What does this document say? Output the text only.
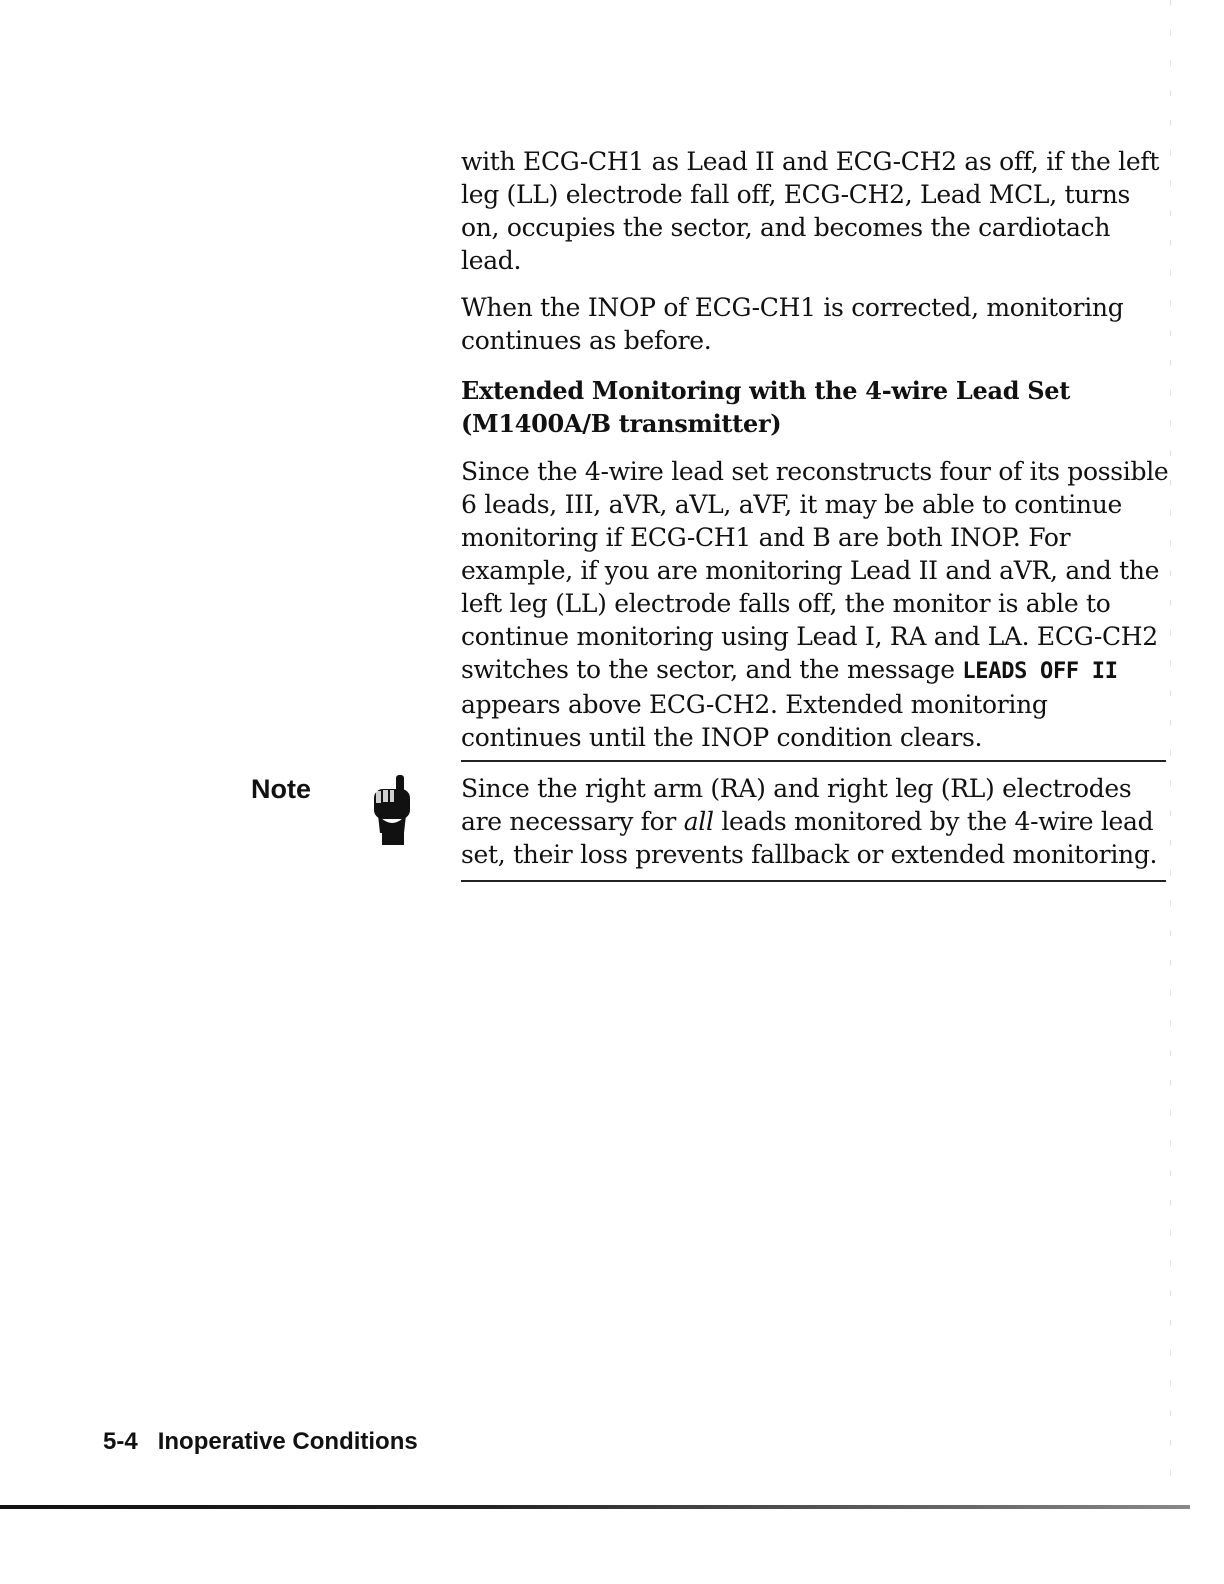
with ECG-CH1 as Lead II and ECG-CH2 as off, if the left leg (LL) electrode fall off, ECG-CH2, Lead MCL, turns on, occupies the sector, and becomes the cardiotach lead.

When the INOP of ECG-CH1 is corrected, monitoring continues as before.

Extended Monitoring with the 4-wire Lead Set (M1400A/B transmitter)

Since the 4-wire lead set reconstructs four of its possible 6 leads, III, aVR, aVL, aVF, it may be able to continue monitoring if ECG-CH1 and B are both INOP. For example, if you are monitoring Lead II and aVR, and the left leg (LL) electrode falls off, the monitor is able to continue monitoring using Lead I, RA and LA. ECG-CH2 switches to the sector, and the message LEADS OFF II appears above ECG-CH2. Extended monitoring continues until the INOP condition clears.

Note	Since the right arm (RA) and right leg (RL) electrodes are necessary for all leads monitored by the 4-wire lead set, their loss prevents fallback or extended monitoring.

5-4 Inoperative Conditions
